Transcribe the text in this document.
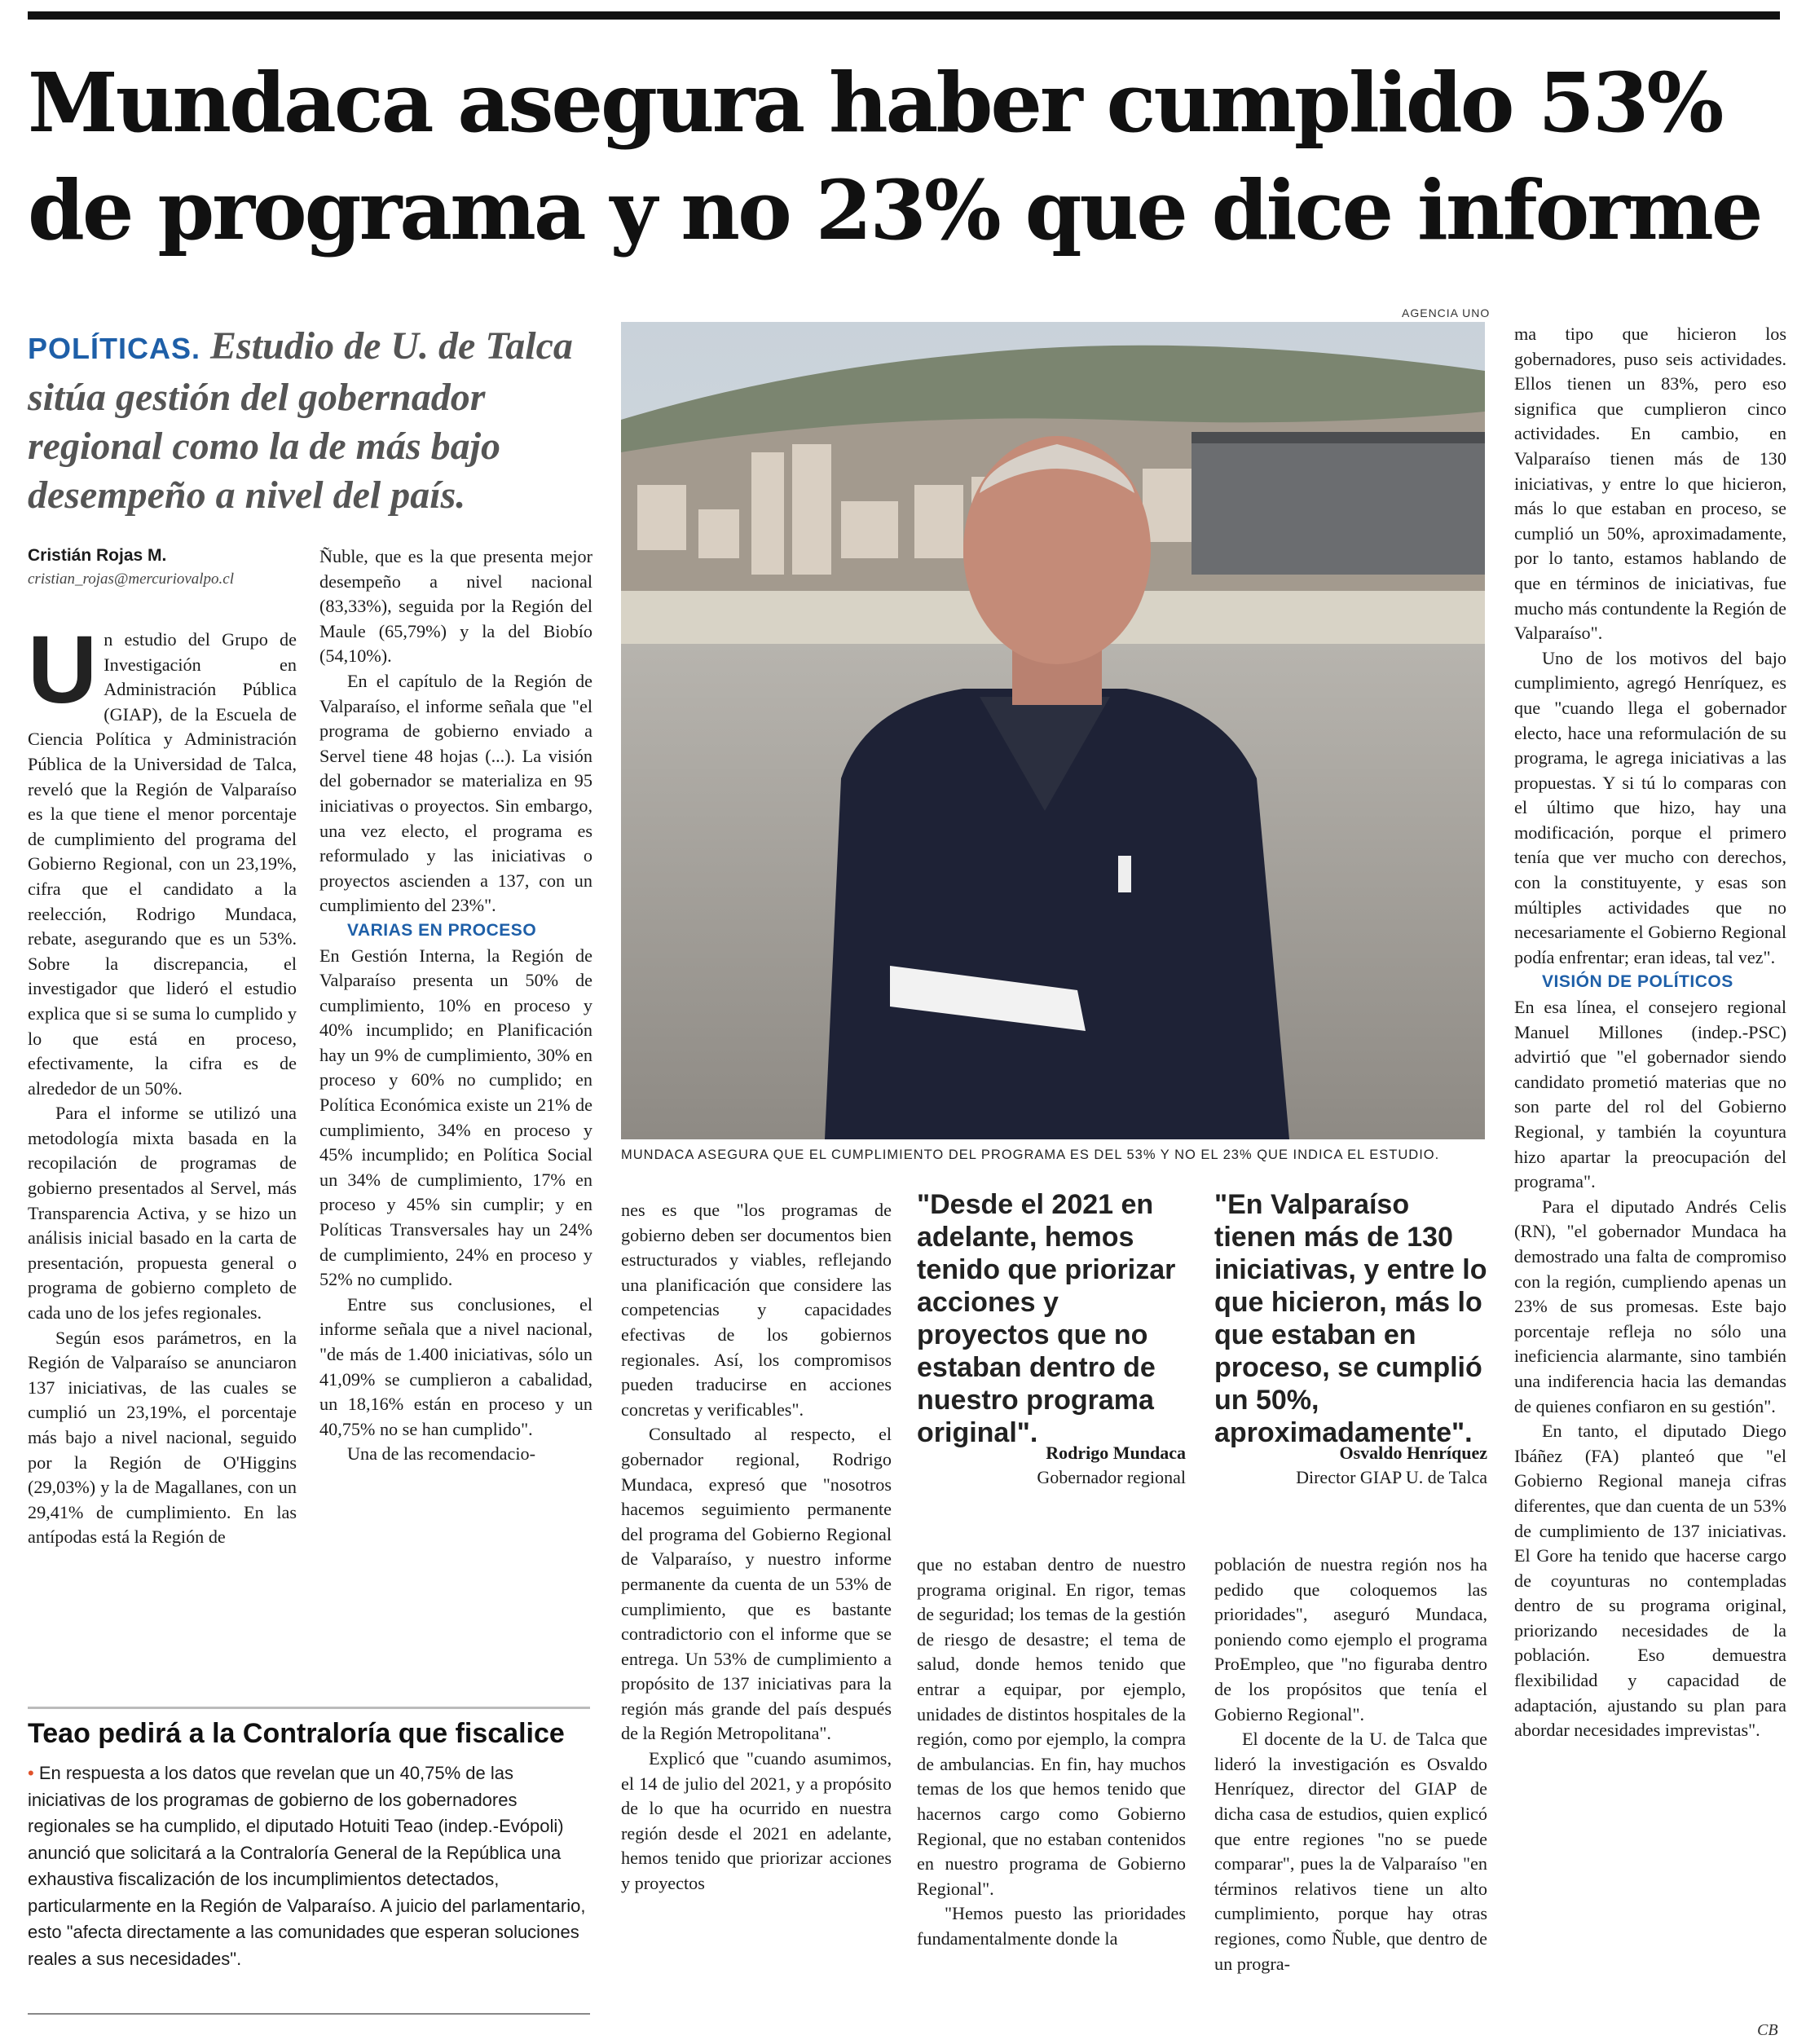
Mundaca asegura haber cumplido 53%
de programa y no 23% que dice informe
POLÍTICAS. Estudio de U. de Talca sitúa gestión del gobernador regional como la de más bajo desempeño a nivel del país.
Cristián Rojas M.
cristian_rojas@mercuriovalpo.cl
U n estudio del Grupo de Investigación en Administración Pública (GIAP), de la Escuela de Ciencia Política y Administración Pública de la Universidad de Talca, reveló que la Región de Valparaíso es la que tiene el menor porcentaje de cumplimiento del programa del Gobierno Regional, con un 23,19%, cifra que el candidato a la reelección, Rodrigo Mundaca, rebate, asegurando que es un 53%. Sobre la discrepancia, el investigador que lideró el estudio explica que si se suma lo cumplido y lo que está en proceso, efectivamente, la cifra es de alrededor de un 50%.

Para el informe se utilizó una metodología mixta basada en la recopilación de programas de gobierno presentados al Servel, más Transparencia Activa, y se hizo un análisis inicial basado en la carta de presentación, propuesta general o programa de gobierno completo de cada uno de los jefes regionales.

Según esos parámetros, en la Región de Valparaíso se anunciaron 137 iniciativas, de las cuales se cumplió un 23,19%, el porcentaje más bajo a nivel nacional, seguido por la Región de O'Higgins (29,03%) y la de Magallanes, con un 29,41% de cumplimiento. En las antípodas está la Región de

Ñuble, que es la que presenta mejor desempeño a nivel nacional (83,33%), seguida por la Región del Maule (65,79%) y la del Biobío (54,10%).

En el capítulo de la Región de Valparaíso, el informe señala que "el programa de gobierno enviado a Servel tiene 48 hojas (...). La visión del gobernador se materializa en 95 iniciativas o proyectos. Sin embargo, una vez electo, el programa es reformulado y las iniciativas o proyectos ascienden a 137, con un cumplimiento del 23%".

VARIAS EN PROCESO

En Gestión Interna, la Región de Valparaíso presenta un 50% de cumplimiento, 10% en proceso y 40% incumplido; en Planificación hay un 9% de cumplimiento, 30% en proceso y 60% no cumplido; en Política Económica existe un 21% de cumplimiento, 34% en proceso y 45% incumplido; en Política Social un 34% de cumplimiento, 17% en proceso y 45% sin cumplir; y en Políticas Transversales hay un 24% de cumplimiento, 24% en proceso y 52% no cumplido.

Entre sus conclusiones, el informe señala que a nivel nacional, "de más de 1.400 iniciativas, sólo un 41,09% se cumplieron a cabalidad, un 18,16% están en proceso y un 40,75% no se han cumplido".

Una de las recomendacio-

AGENCIA UNO
MUNDACA ASEGURA QUE EL CUMPLIMIENTO DEL PROGRAMA ES DEL 53% Y NO EL 23% QUE INDICA EL ESTUDIO.

nes es que "los programas de gobierno deben ser documentos bien estructurados y viables, reflejando una planificación que considere las competencias y capacidades efectivas de los gobiernos regionales. Así, los compromisos pueden traducirse en acciones concretas y verificables".

Consultado al respecto, el gobernador regional, Rodrigo Mundaca, expresó que "nosotros hacemos seguimiento permanente del programa del Gobierno Regional de Valparaíso, y nuestro informe permanente da cuenta de un 53% de cumplimiento, que es bastante contradictorio con el informe que se entrega. Un 53% de cumplimiento a propósito de 137 iniciativas para la región más grande del país después de la Región Metropolitana".

Explicó que "cuando asumimos, el 14 de julio del 2021, y a propósito de lo que ha ocurrido en nuestra región desde el 2021 en adelante, hemos tenido que priorizar acciones y proyectos

"Desde el 2021 en adelante, hemos tenido que priorizar acciones y proyectos que no estaban dentro de nuestro programa original".
Rodrigo Mundaca
Gobernador regional
"En Valparaíso tienen más de 130 iniciativas, y entre lo que hicieron, más lo que estaban en proceso, se cumplió un 50%, aproximadamente".
Osvaldo Henríquez
Director GIAP U. de Talca

que no estaban dentro de nuestro programa original. En rigor, temas de seguridad; los temas de la gestión de riesgo de desastre; el tema de salud, donde hemos tenido que entrar a equipar, por ejemplo, unidades de distintos hospitales de la región, como por ejemplo, la compra de ambulancias. En fin, hay muchos temas de los que hemos tenido que hacernos cargo como Gobierno Regional, que no estaban contenidos en nuestro programa de Gobierno Regional".

"Hemos puesto las prioridades fundamentalmente donde la

población de nuestra región nos ha pedido que coloquemos las prioridades", aseguró Mundaca, poniendo como ejemplo el programa ProEmpleo, que "no figuraba dentro de los propósitos que tenía el Gobierno Regional".

El docente de la U. de Talca que lideró la investigación es Osvaldo Henríquez, director del GIAP de dicha casa de estudios, quien explicó que entre regiones "no se puede comparar", pues la de Valparaíso "en términos relativos tiene un alto cumplimiento, porque hay otras regiones, como Ñuble, que dentro de un progra-

ma tipo que hicieron los gobernadores, puso seis actividades. Ellos tienen un 83%, pero eso significa que cumplieron cinco actividades. En cambio, en Valparaíso tienen más de 130 iniciativas, y entre lo que hicieron, más lo que estaban en proceso, se cumplió un 50%, aproximadamente, por lo tanto, estamos hablando de que en términos de iniciativas, fue mucho más contundente la Región de Valparaíso".

Uno de los motivos del bajo cumplimiento, agregó Henríquez, es que "cuando llega el gobernador electo, hace una reformulación de su programa, le agrega iniciativas a las propuestas. Y si tú lo comparas con el último que hizo, hay una modificación, porque el primero tenía que ver mucho con derechos, con la constituyente, y esas son múltiples actividades que no necesariamente el Gobierno Regional podía enfrentar; eran ideas, tal vez".

VISIÓN DE POLÍTICOS

En esa línea, el consejero regional Manuel Millones (indep.-PSC) advirtió que "el gobernador siendo candidato prometió materias que no son parte del rol del Gobierno Regional, y también la coyuntura hizo apartar la preocupación del programa".

Para el diputado Andrés Celis (RN), "el gobernador Mundaca ha demostrado una falta de compromiso con la región, cumpliendo apenas un 23% de sus promesas. Este bajo porcentaje refleja no sólo una ineficiencia alarmante, sino también una indiferencia hacia las demandas de quienes confiaron en su gestión".

En tanto, el diputado Diego Ibáñez (FA) planteó que "el Gobierno Regional maneja cifras diferentes, que dan cuenta de un 53% de cumplimiento de 137 iniciativas. El Gore ha tenido que hacerse cargo de coyunturas no contempladas dentro de su programa original, priorizando necesidades de la población. Eso demuestra flexibilidad y capacidad de adaptación, ajustando su plan para abordar necesidades imprevistas".

Teao pedirá a la Contraloría que fiscalice
• En respuesta a los datos que revelan que un 40,75% de las iniciativas de los programas de gobierno de los gobernadores regionales se ha cumplido, el diputado Hotuiti Teao (indep.-Evópoli) anunció que solicitará a la Contraloría General de la República una exhaustiva fiscalización de los incumplimientos detectados, particularmente en la Región de Valparaíso. A juicio del parlamentario, esto "afecta directamente a las comunidades que esperan soluciones reales a sus necesidades".
CB
